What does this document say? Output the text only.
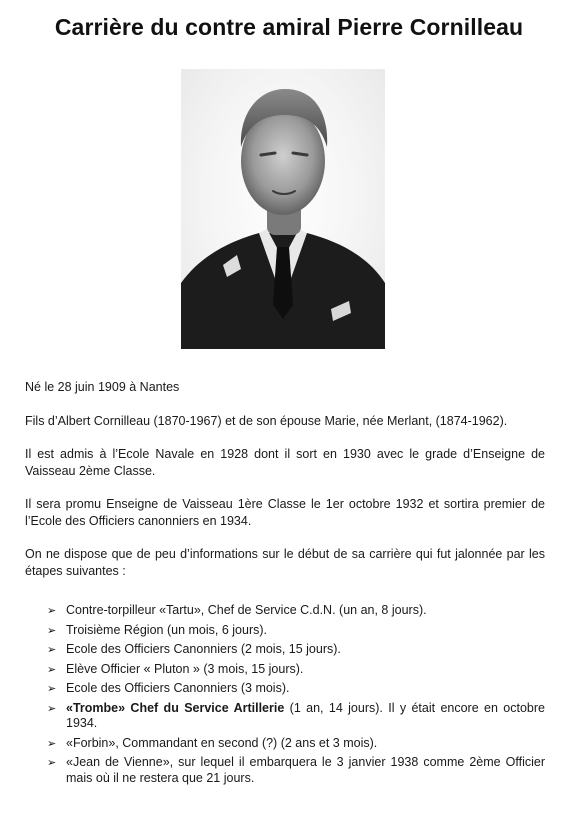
Carrière du contre amiral Pierre Cornilleau

Né le 28 juin 1909 à Nantes

Fils d’Albert Cornilleau (1870-1967) et de son épouse Marie, née Merlant, (1874-1962).

Il est admis à l’Ecole Navale en 1928 dont il sort en 1930 avec le grade d’Enseigne de Vaisseau 2ème Classe.

Il sera promu Enseigne de Vaisseau 1ère Classe le 1er octobre 1932 et sortira premier de l’Ecole des Officiers canonniers en 1934.

On ne dispose que de peu d’informations sur le début de sa carrière qui fut jalonnée par les étapes suivantes :

➢ Contre-torpilleur «Tartu», Chef de Service C.d.N. (un an, 8 jours).
➢ Troisième Région (un mois, 6 jours).
➢ Ecole des Officiers Canonniers (2 mois, 15 jours).
➢ Elève Officier « Pluton » (3 mois, 15 jours).
➢ Ecole des Officiers Canonniers (3 mois).
➢ «Trombe» Chef du Service Artillerie (1 an, 14 jours). Il y était encore en octobre 1934.
➢ «Forbin», Commandant en second (?) (2 ans et 3 mois).
➢ «Jean de Vienne», sur lequel il embarquera le 3 janvier 1938 comme 2ème Officier mais où il ne restera que 21 jours.
